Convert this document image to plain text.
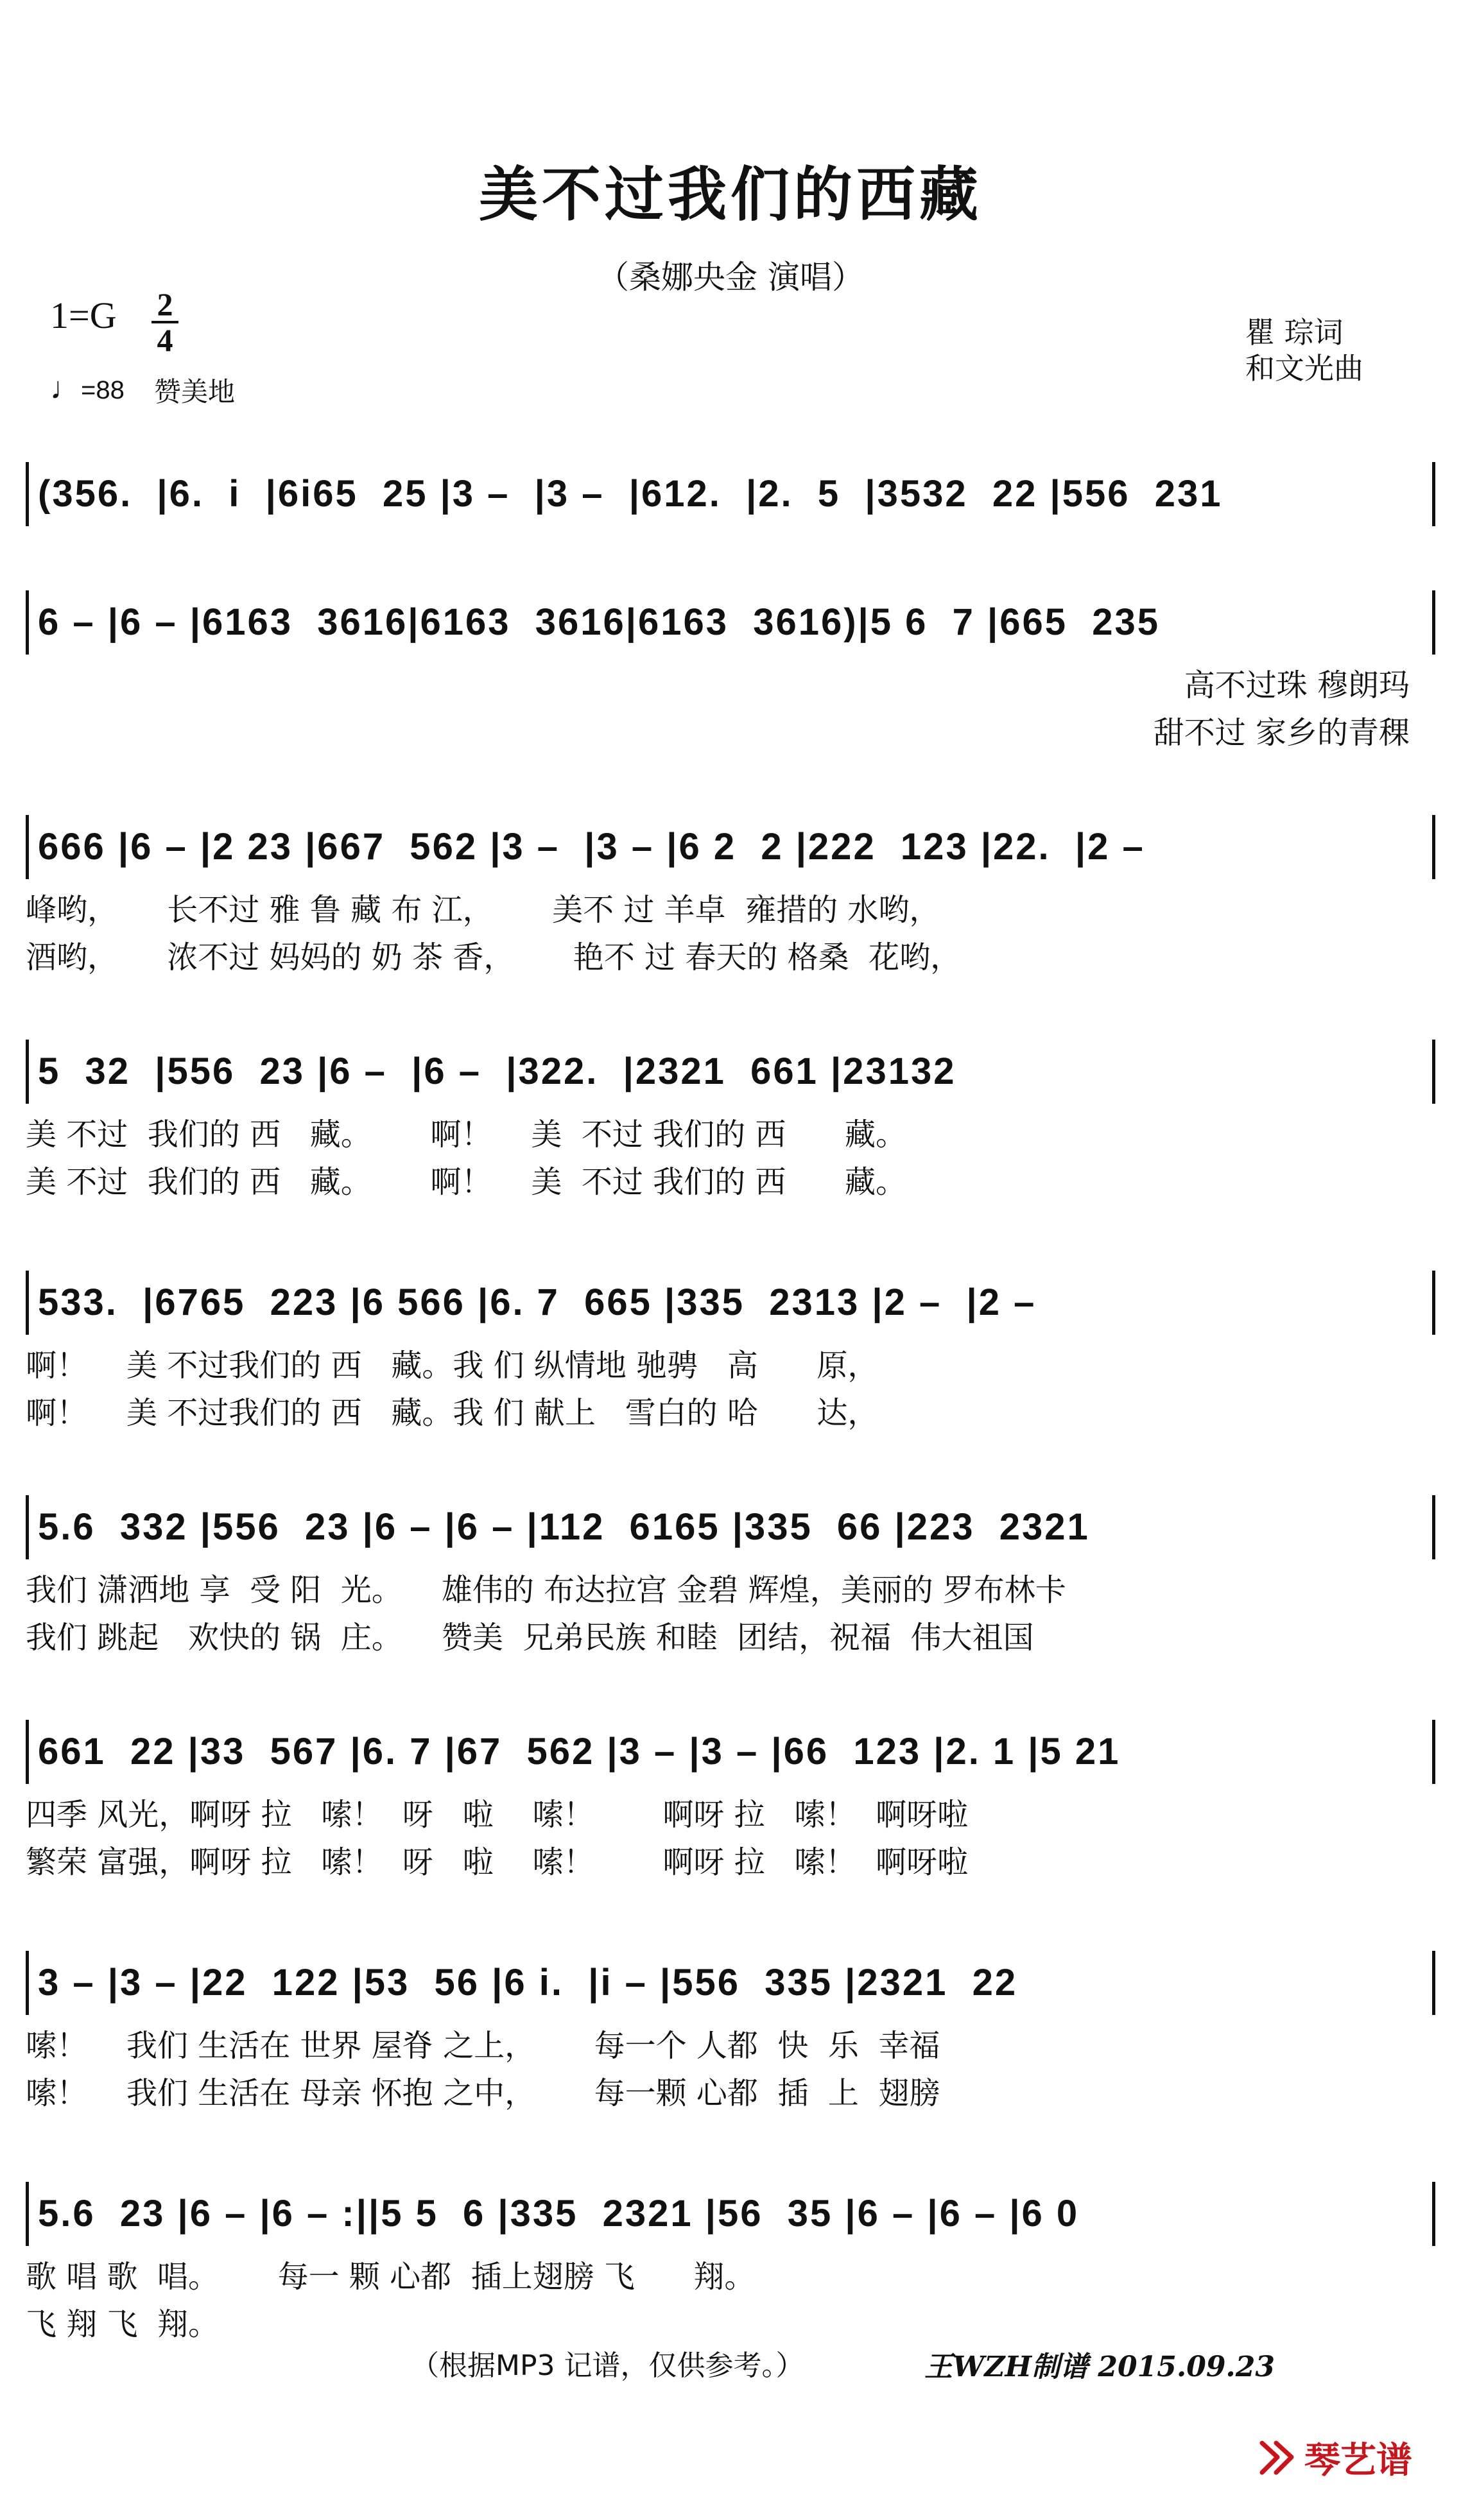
美不过我们的西藏
（桑娜央金 演唱）
1=G 2
4
♩=88 赞美地
瞿 琮词
和文光曲
(356.  |6.  i  |6i65  25 |3 –  |3 –  |612.  |2.  5  |3532  22 |556  231
6 – |6 – |6163  3616|6163  3616|6163  3616)|5 6  7 |665  235
高不过珠 穆朗玛
甜不过 家乡的青稞
666 |6 – |2 23 |667  562 |3 –  |3 – |6 2  2 |222  123 |22.  |2 –
峰哟，     长不过 雅 鲁 藏 布 江，      美不 过 羊卓  雍措的 水哟，
酒哟，     浓不过 妈妈的 奶 茶 香，      艳不 过 春天的 格桑  花哟，
5  32  |556  23 |6 –  |6 –  |322.  |2321  661 |23132
美 不过  我们的 西   藏。      啊！    美  不过 我们的 西      藏。
美 不过  我们的 西   藏。      啊！    美  不过 我们的 西      藏。
533.  |6765  223 |6 566 |6. 7  665 |335  2313 |2 –  |2 –
啊！    美 不过我们的 西   藏。我 们 纵情地 驰骋   高      原，
啊！    美 不过我们的 西   藏。我 们 献上   雪白的 哈      达，
5.6  332 |556  23 |6 – |6 – |112  6165 |335  66 |223  2321
我们 潇洒地 享  受 阳  光。    雄伟的 布达拉宫 金碧 辉煌，美丽的 罗布林卡
我们 跳起   欢快的 锅  庄。    赞美  兄弟民族 和睦  团结，祝福  伟大祖国
661  22 |33  567 |6. 7 |67  562 |3 – |3 – |66  123 |2. 1 |5 21
四季 风光，啊呀 拉   嗦！  呀   啦    嗦！       啊呀 拉   嗦！  啊呀啦
繁荣 富强，啊呀 拉   嗦！  呀   啦    嗦！       啊呀 拉   嗦！  啊呀啦
3 – |3 – |22  122 |53  56 |6 i.  |i – |556  335 |2321  22
嗦！    我们 生活在 世界 屋脊 之上，      每一个 人都  快  乐  幸福
嗦！    我们 生活在 母亲 怀抱 之中，      每一颗 心都  插  上  翅膀
5.6  23 |6 – |6 – :||5 5  6 |335  2321 |56  35 |6 – |6 – |6 0
歌 唱 歌  唱。      每一 颗 心都  插上翅膀 飞      翔。
飞 翔 飞  翔。
（根据MP3 记谱，仅供参考。）	王WZH制谱 2015.09.23
琴艺谱
